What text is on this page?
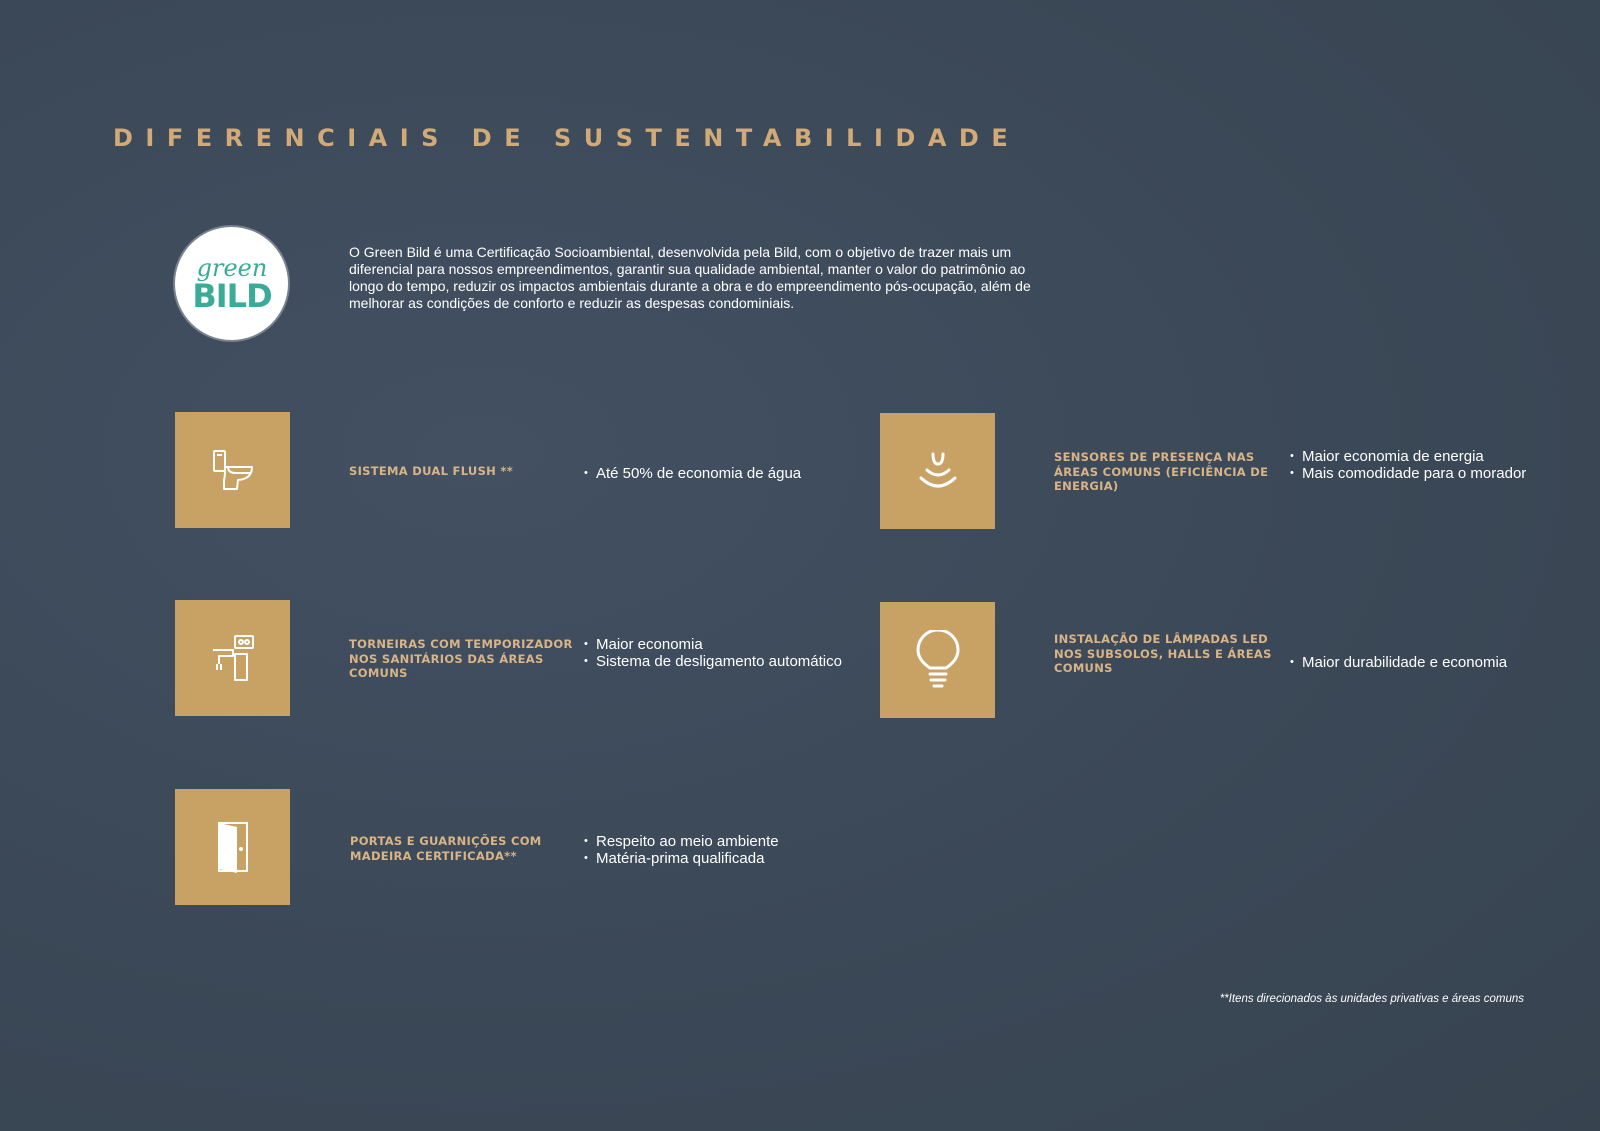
DIFERENCIAIS DE SUSTENTABILIDADE
green
BILD
O Green Bild é uma Certificação Socioambiental, desenvolvida pela Bild, com o objetivo de trazer mais um diferencial para nossos empreendimentos, garantir sua qualidade ambiental, manter o valor do patrimônio ao longo do tempo, reduzir os impactos ambientais durante a obra e do empreendimento pós-ocupação, além de melhorar as condições de conforto e reduzir as despesas condominiais.
SISTEMA DUAL FLUSH **	• Até 50% de economia de água
SENSORES DE PRESENÇA NAS ÁREAS COMUNS (EFICIÊNCIA DE ENERGIA)
• Maior economia de energia
• Mais comodidade para o morador
TORNEIRAS COM TEMPORIZADOR NOS SANITÁRIOS DAS ÁREAS COMUNS
• Maior economia
• Sistema de desligamento automático
INSTALAÇÃO DE LÂMPADAS LED NOS SUBSOLOS, HALLS E ÁREAS COMUNS	• Maior durabilidade e economia
PORTAS E GUARNIÇÕES COM MADEIRA CERTIFICADA**
• Respeito ao meio ambiente
• Matéria-prima qualificada
**Itens direcionados às unidades privativas e áreas comuns
